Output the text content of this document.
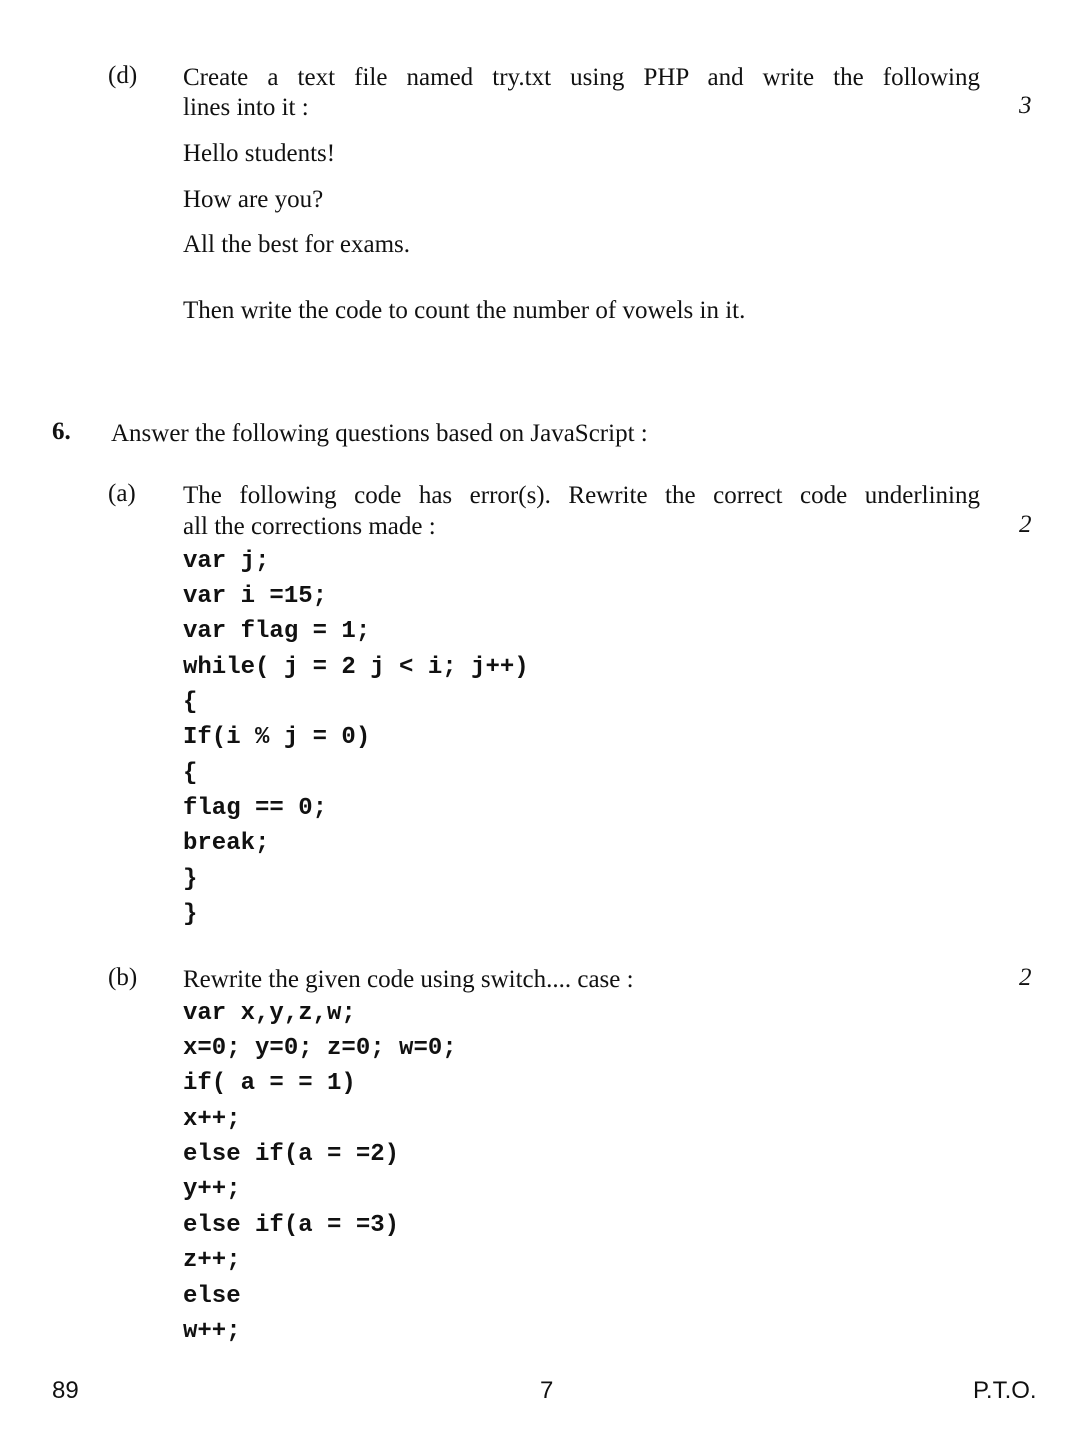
(d) Create a text file named try.txt using PHP and write the following
lines into it :	3
Hello students!
How are you?
All the best for exams.
Then write the code to count the number of vowels in it.
6. Answer the following questions based on JavaScript :
(a) The following code has error(s). Rewrite the correct code underlining
all the corrections made :	2
var j;
var i =15;
var flag = 1;
while( j = 2 j < i; j++)
{
If(i % j = 0)
{
flag == 0;
break;
}
}
(b) Rewrite the given code using switch.... case :	2
var x,y,z,w;
x=0; y=0; z=0; w=0;
if( a = = 1)
x++;
else if(a = =2)
y++;
else if(a = =3)
z++;
else
w++;
89	7	P.T.O.
